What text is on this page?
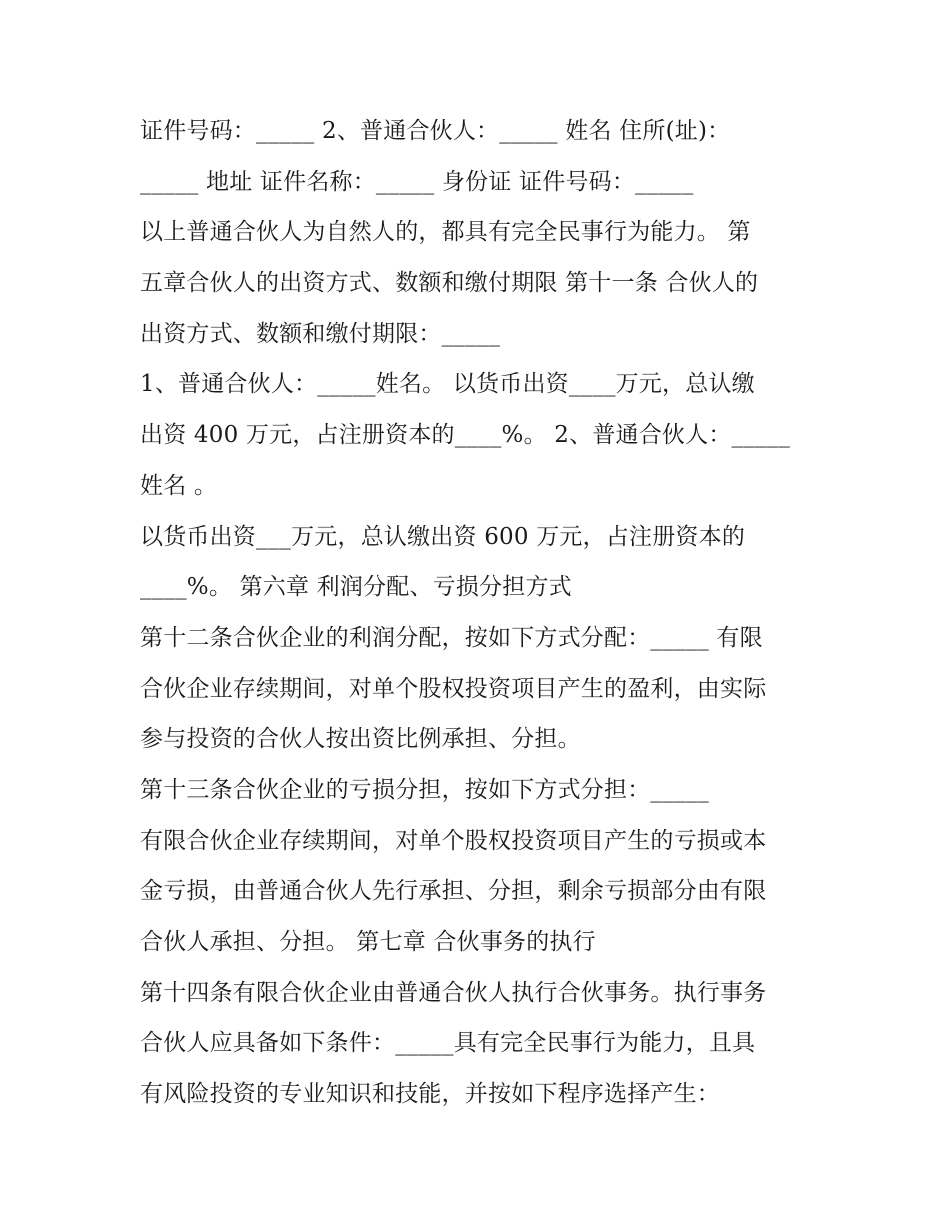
证件号码：_____ 2、普通合伙人：_____ 姓名 住所(址)：
_____ 地址 证件名称：_____ 身份证 证件号码：_____
以上普通合伙人为自然人的，都具有完全民事行为能力。 第
五章合伙人的出资方式、数额和缴付期限 第十一条 合伙人的
出资方式、数额和缴付期限：_____
1、普通合伙人：_____姓名。 以货币出资____万元，总认缴
出资 400 万元，占注册资本的____%。 2、普通合伙人：_____
姓名 。
以货币出资___万元，总认缴出资 600 万元，占注册资本的
____%。 第六章 利润分配、亏损分担方式
第十二条合伙企业的利润分配，按如下方式分配：_____ 有限
合伙企业存续期间，对单个股权投资项目产生的盈利，由实际
参与投资的合伙人按出资比例承担、分担。
第十三条合伙企业的亏损分担，按如下方式分担：_____
有限合伙企业存续期间，对单个股权投资项目产生的亏损或本
金亏损，由普通合伙人先行承担、分担，剩余亏损部分由有限
合伙人承担、分担。 第七章 合伙事务的执行
第十四条有限合伙企业由普通合伙人执行合伙事务。执行事务
合伙人应具备如下条件：_____具有完全民事行为能力，且具
有风险投资的专业知识和技能，并按如下程序选择产生：
